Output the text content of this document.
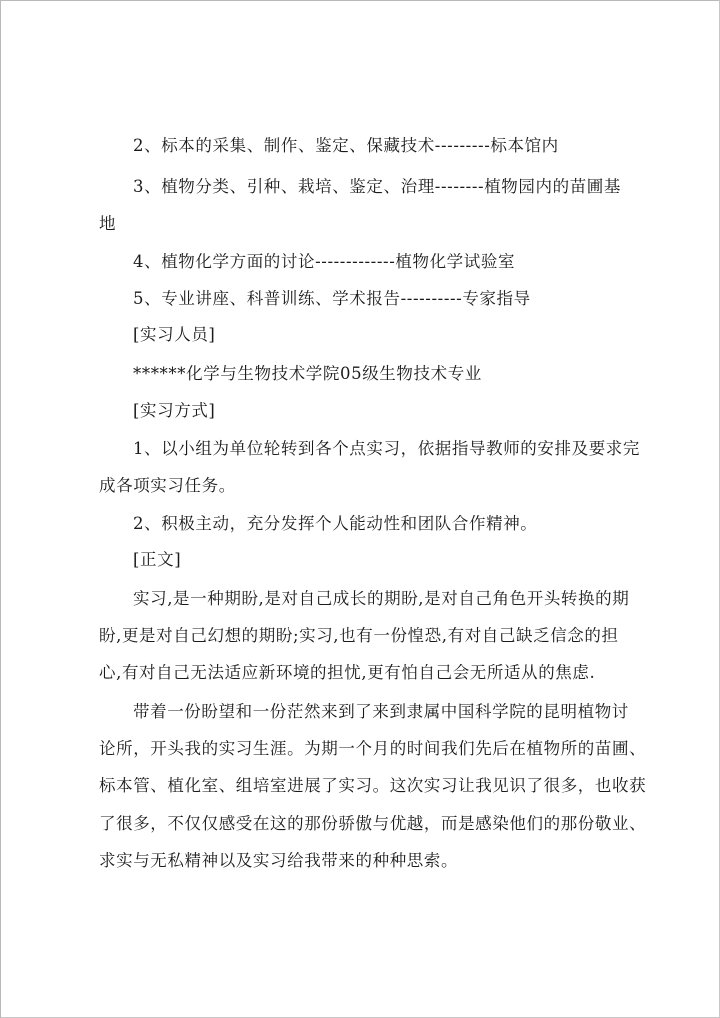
2、标本的采集、制作、鉴定、保藏技术---------标本馆内
3、植物分类、引种、栽培、鉴定、治理--------植物园内的苗圃基
地
4、植物化学方面的讨论-------------植物化学试验室
5、专业讲座、科普训练、学术报告----------专家指导
[实习人员]
******化学与生物技术学院05级生物技术专业
[实习方式]
1、以小组为单位轮转到各个点实习，依据指导教师的安排及要求完
成各项实习任务。
2、积极主动，充分发挥个人能动性和团队合作精神。
[正文]
实习,是一种期盼,是对自己成长的期盼,是对自己角色开头转换的期
盼,更是对自己幻想的期盼;实习,也有一份惶恐,有对自己缺乏信念的担
心,有对自己无法适应新环境的担忧,更有怕自己会无所适从的焦虑.
带着一份盼望和一份茫然来到了来到隶属中国科学院的昆明植物讨
论所，开头我的实习生涯。为期一个月的时间我们先后在植物所的苗圃、
标本管、植化室、组培室进展了实习。这次实习让我见识了很多，也收获
了很多，不仅仅感受在这的那份骄傲与优越，而是感染他们的那份敬业、
求实与无私精神以及实习给我带来的种种思索。
